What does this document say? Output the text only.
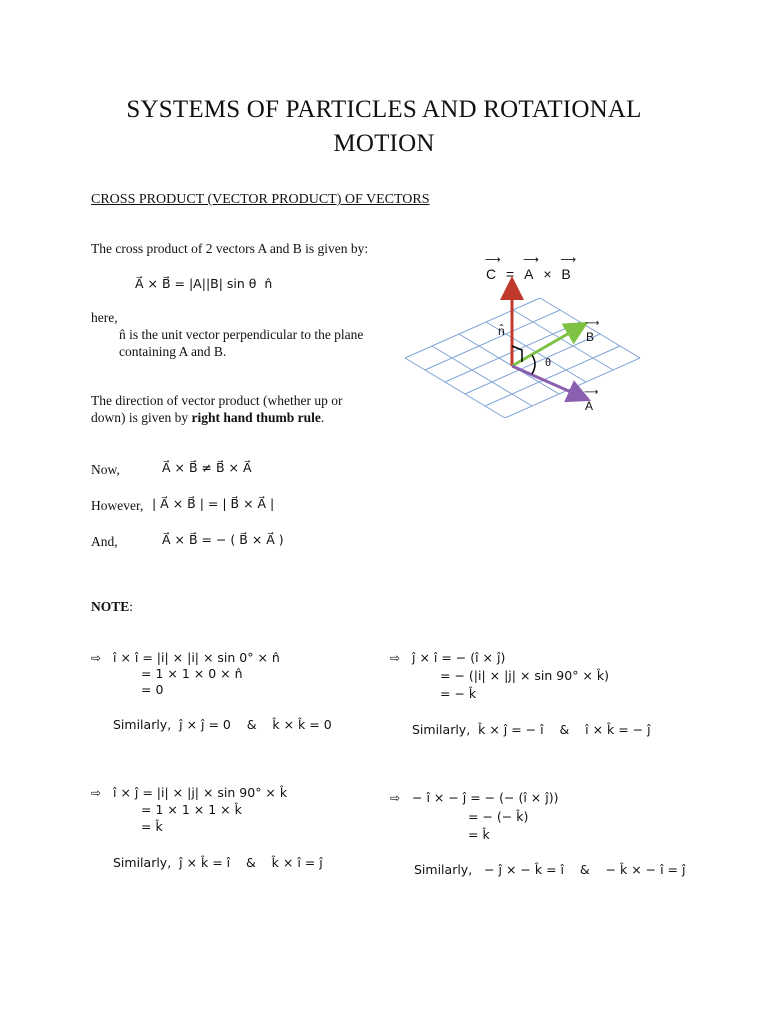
SYSTEMS OF PARTICLES AND ROTATIONAL
MOTION
CROSS PRODUCT (VECTOR PRODUCT) OF VECTORS
The cross product of 2 vectors A and B is given by:
A⃗ × B⃗ = |A||B| sin θ  n̂
here,
n̂ is the unit vector perpendicular to the plane
containing A and B.
The direction of vector product (whether up or
down) is given by right hand thumb rule.
Now,	A⃗ × B⃗ ≠ B⃗ × A⃗
However, | A⃗ × B⃗ | = | B⃗ × A⃗ |
And,	A⃗ × B⃗ = − ( B⃗ × A⃗ )
NOTE:
⇨ î × î = |i| × |i| × sin 0° × n̂
= 1 × 1 × 0 × n̂
= 0
Similarly,  ĵ × ĵ = 0    &    k̂ × k̂ = 0
⇨ ĵ × î = − (î × ĵ)
= − (|i| × |j| × sin 90° × k̂)
= − k̂
Similarly,  k̂ × ĵ = − î    &    î × k̂ = − ĵ
⇨ î × ĵ = |i| × |j| × sin 90° × k̂
= 1 × 1 × 1 × k̂
= k̂
Similarly,  ĵ × k̂ = î    &    k̂ × î = ĵ
⇨ − î × − ĵ = − (− (î × ĵ))
= − (− k̂)
= k̂
Similarly,   − ĵ × − k̂ = î    &    − k̂ × − î = ĵ
⟶
C =
⟶
A ×
⟶
B
n̂
⟶
B
⟶
A
θ
